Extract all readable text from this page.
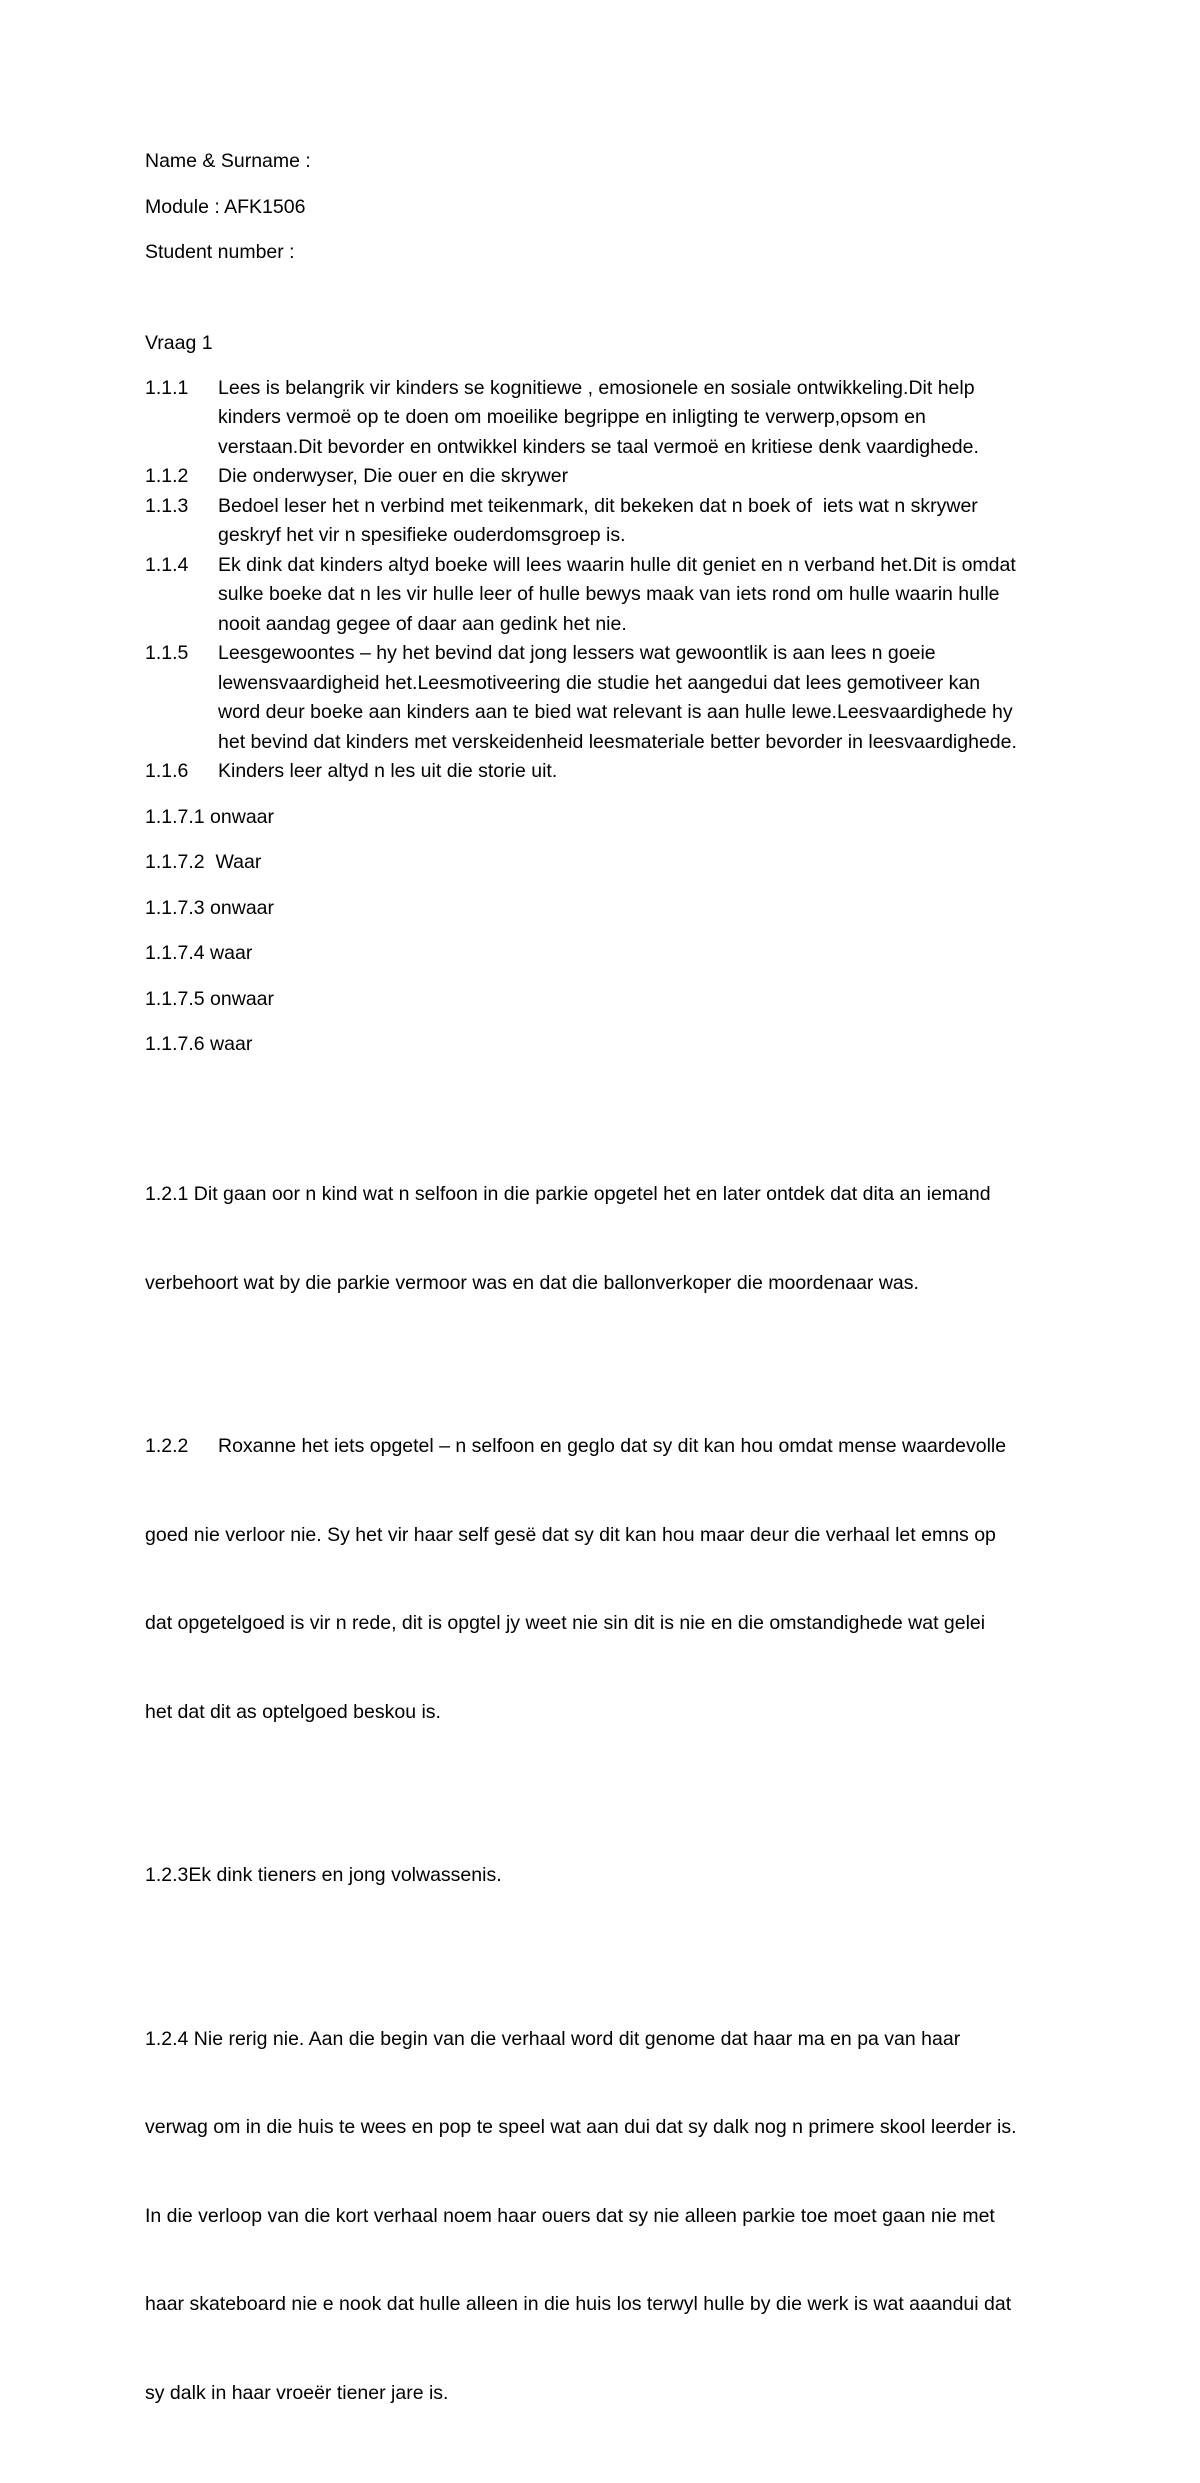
Name & Surname :
Module : AFK1506
Student number :
Vraag 1
1.1.1	Lees is belangrik vir kinders se kognitiewe , emosionele en sosiale ontwikkeling.Dit help
kinders vermoë op te doen om moeilike begrippe en inligting te verwerp,opsom en
verstaan.Dit bevorder en ontwikkel kinders se taal vermoë en kritiese denk vaardighede.
1.1.2	Die onderwyser, Die ouer en die skrywer
1.1.3	Bedoel leser het n verbind met teikenmark, dit bekeken dat n boek of  iets wat n skrywer
geskryf het vir n spesifieke ouderdomsgroep is.
1.1.4	Ek dink dat kinders altyd boeke will lees waarin hulle dit geniet en n verband het.Dit is omdat
sulke boeke dat n les vir hulle leer of hulle bewys maak van iets rond om hulle waarin hulle
nooit aandag gegee of daar aan gedink het nie.
1.1.5	Leesgewoontes – hy het bevind dat jong lessers wat gewoontlik is aan lees n goeie
lewensvaardigheid het.Leesmotiveering die studie het aangedui dat lees gemotiveer kan
word deur boeke aan kinders aan te bied wat relevant is aan hulle lewe.Leesvaardighede hy
het bevind dat kinders met verskeidenheid leesmateriale better bevorder in leesvaardighede.
1.1.6	Kinders leer altyd n les uit die storie uit.
1.1.7.1 onwaar
1.1.7.2  Waar
1.1.7.3 onwaar
1.1.7.4 waar
1.1.7.5 onwaar
1.1.7.6 waar

1.2.1 Dit gaan oor n kind wat n selfoon in die parkie opgetel het en later ontdek dat dita an iemand

verbehoort wat by die parkie vermoor was en dat die ballonverkoper die moordenaar was.

1.2.2 Roxanne het iets opgetel – n selfoon en geglo dat sy dit kan hou omdat mense waardevolle

goed nie verloor nie. Sy het vir haar self gesë dat sy dit kan hou maar deur die verhaal let emns op

dat opgetelgoed is vir n rede, dit is opgtel jy weet nie sin dit is nie en die omstandighede wat gelei

het dat dit as optelgoed beskou is.

1.2.3Ek dink tieners en jong volwassenis.

1.2.4 Nie rerig nie. Aan die begin van die verhaal word dit genome dat haar ma en pa van haar

verwag om in die huis te wees en pop te speel wat aan dui dat sy dalk nog n primere skool leerder is.

In die verloop van die kort verhaal noem haar ouers dat sy nie alleen parkie toe moet gaan nie met

haar skateboard nie e nook dat hulle alleen in die huis los terwyl hulle by die werk is wat aaandui dat

sy dalk in haar vroeër tiener jare is.
